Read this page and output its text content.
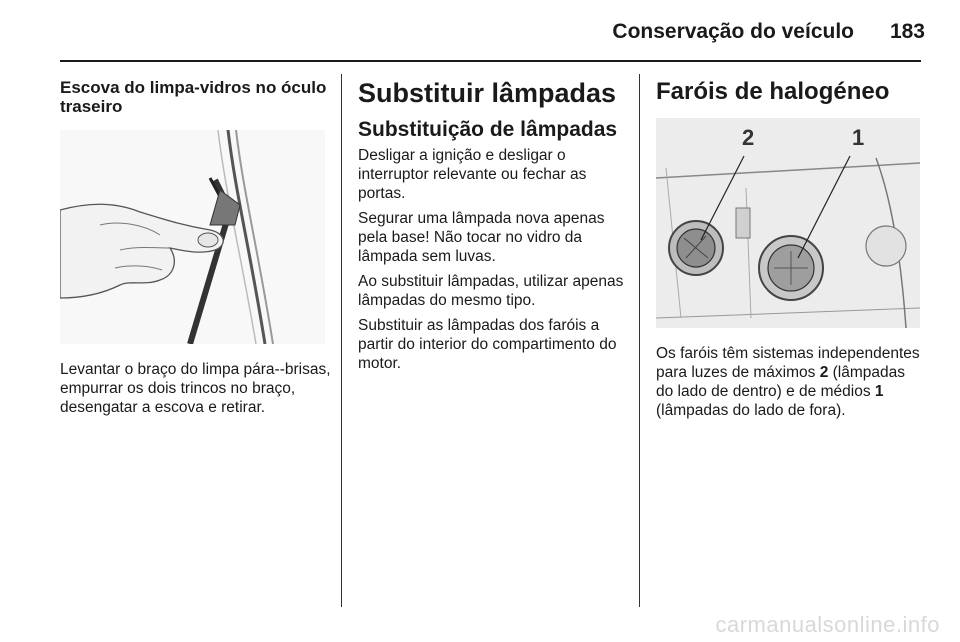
Conservação do veículo	183
Escova do limpa-vidros no óculo traseiro

Levantar o braço do limpa pára--brisas, empurrar os dois trincos no braço, desengatar a escova e retirar.

Substituir lâmpadas
Substituição de lâmpadas

Desligar a ignição e desligar o interruptor relevante ou fechar as portas.

Segurar uma lâmpada nova apenas pela base! Não tocar no vidro da lâmpada sem luvas.

Ao substituir lâmpadas, utilizar apenas lâmpadas do mesmo tipo.

Substituir as lâmpadas dos faróis a partir do interior do compartimento do motor.

Faróis de halogéneo
2	1

Os faróis têm sistemas independentes para luzes de máximos 2 (lâmpadas do lado de dentro) e de médios 1 (lâmpadas do lado de fora).

carmanualsonline.info
